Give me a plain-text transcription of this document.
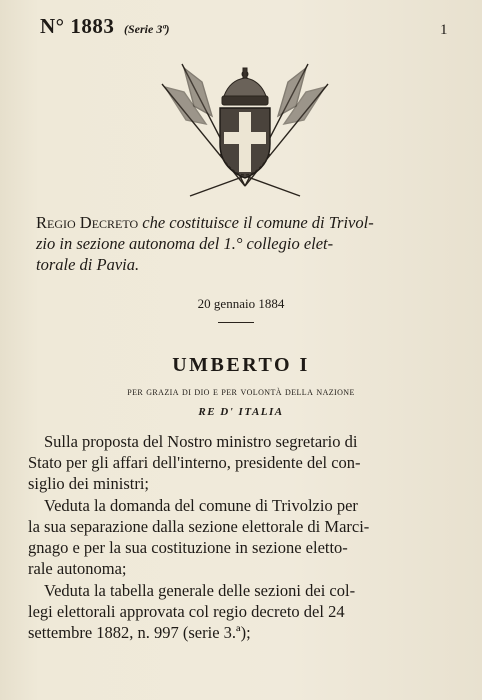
N° 1883 (Serie 3ª)	1
Regio Decreto che costituisce il comune di Trivol-
zio in sezione autonoma del 1.° collegio elet-
torale di Pavia.
20 gennaio 1884
UMBERTO I
per grazia di dio e per volontà della nazione
RE D' ITALIA
Sulla proposta del Nostro ministro segretario di
Stato per gli affari dell'interno, presidente del con-
siglio dei ministri;
Veduta la domanda del comune di Trivolzio per
la sua separazione dalla sezione elettorale di Marci-
gnago e per la sua costituzione in sezione eletto-
rale autonoma;
Veduta la tabella generale delle sezioni dei col-
legi elettorali approvata col regio decreto del 24
settembre 1882, n. 997 (serie 3.ª);
